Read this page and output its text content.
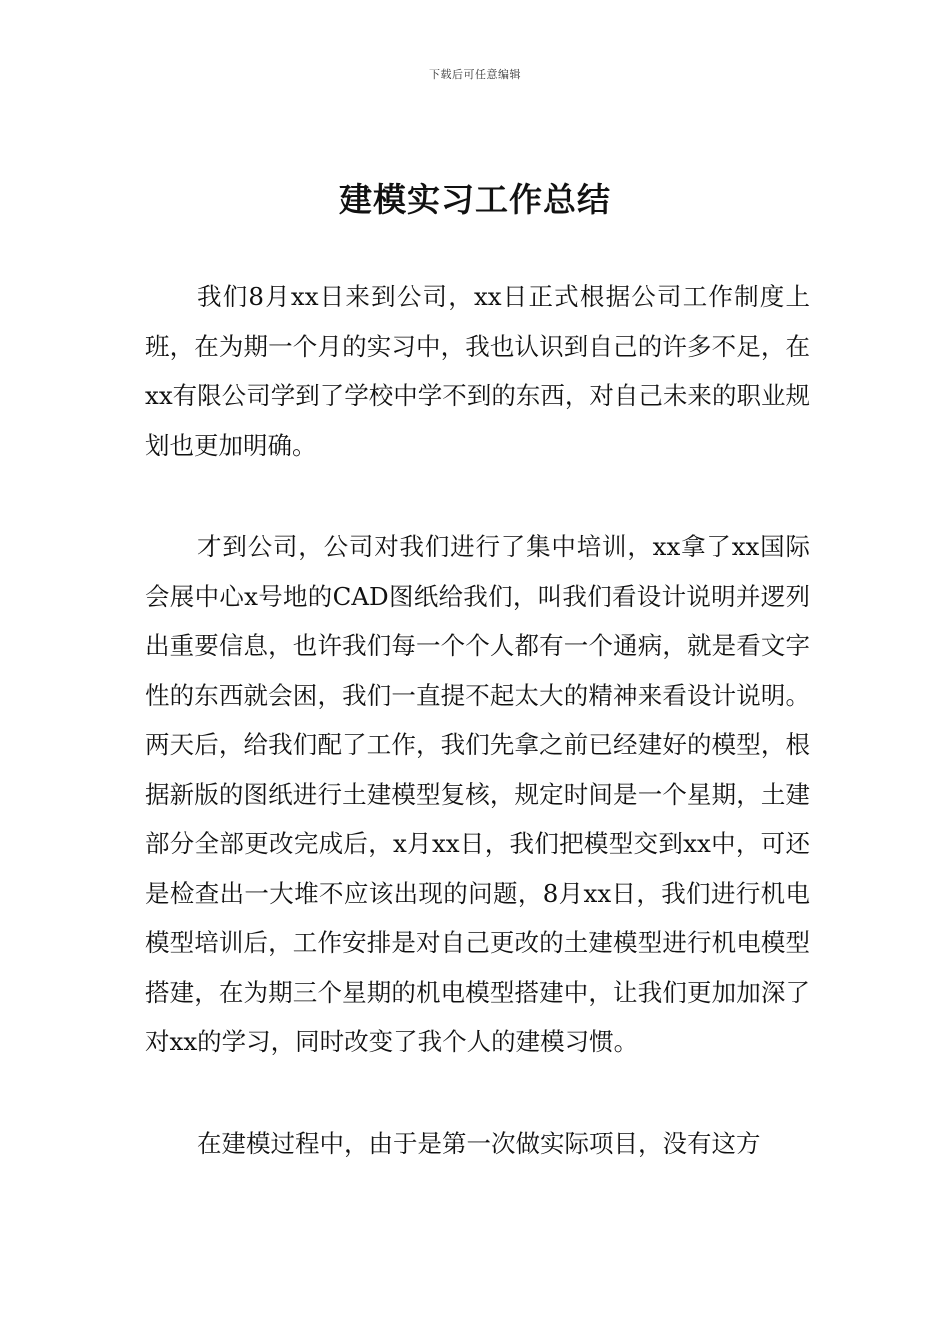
下载后可任意编辑
建模实习工作总结

我们8月xx日来到公司，xx日正式根据公司工作制度上班，在为期一个月的实习中，我也认识到自己的许多不足，在xx有限公司学到了学校中学不到的东西，对自己未来的职业规划也更加明确。

才到公司，公司对我们进行了集中培训，xx拿了xx国际会展中心x号地的CAD图纸给我们，叫我们看设计说明并逻列出重要信息，也许我们每一个个人都有一个通病，就是看文字性的东西就会困，我们一直提不起太大的精神来看设计说明。两天后，给我们配了工作，我们先拿之前已经建好的模型，根据新版的图纸进行土建模型复核，规定时间是一个星期，土建部分全部更改完成后，x月xx日，我们把模型交到xx中，可还是检查出一大堆不应该出现的问题，8月xx日，我们进行机电模型培训后，工作安排是对自己更改的土建模型进行机电模型搭建，在为期三个星期的机电模型搭建中，让我们更加加深了对xx的学习，同时改变了我个人的建模习惯。

在建模过程中，由于是第一次做实际项目，没有这方
